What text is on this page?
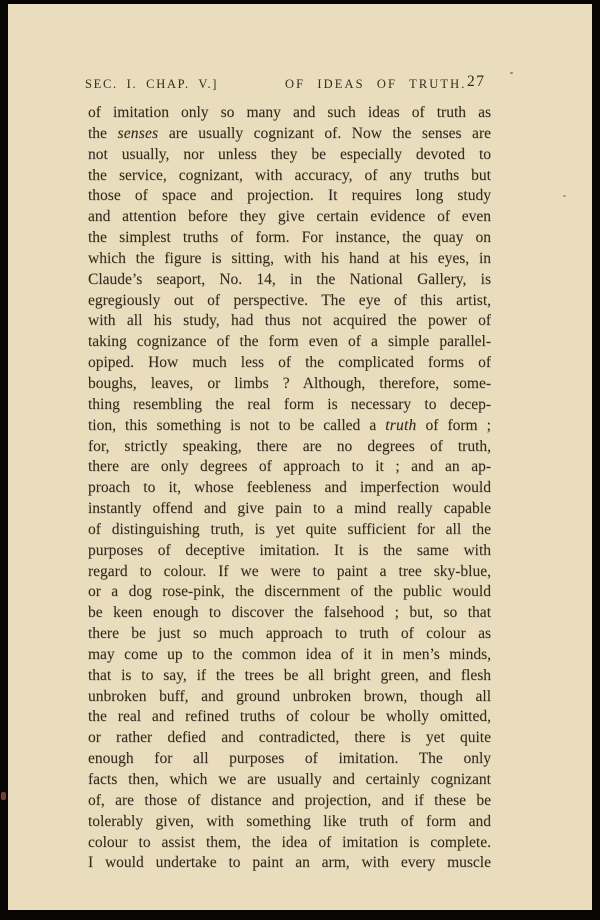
SEC. I. CHAP. V.]	OF IDEAS OF TRUTH. 27
of imitation only so many and such ideas of truth as
the senses are usually cognizant of. Now the senses are
not usually, nor unless they be especially devoted to
the service, cognizant, with accuracy, of any truths but
those of space and projection. It requires long study
and attention before they give certain evidence of even
the simplest truths of form. For instance, the quay on
which the figure is sitting, with his hand at his eyes, in
Claude’s seaport, No. 14, in the National Gallery, is
egregiously out of perspective. The eye of this artist,
with all his study, had thus not acquired the power of
taking cognizance of the form even of a simple parallel-
opiped. How much less of the complicated forms of
boughs, leaves, or limbs ? Although, therefore, some-
thing resembling the real form is necessary to decep-
tion, this something is not to be called a truth of form ;
for, strictly speaking, there are no degrees of truth,
there are only degrees of approach to it ; and an ap-
proach to it, whose feebleness and imperfection would
instantly offend and give pain to a mind really capable
of distinguishing truth, is yet quite sufficient for all the
purposes of deceptive imitation. It is the same with
regard to colour. If we were to paint a tree sky-blue,
or a dog rose-pink, the discernment of the public would
be keen enough to discover the falsehood ; but, so that
there be just so much approach to truth of colour as
may come up to the common idea of it in men’s minds,
that is to say, if the trees be all bright green, and flesh
unbroken buff, and ground unbroken brown, though all
the real and refined truths of colour be wholly omitted,
or rather defied and contradicted, there is yet quite
enough for all purposes of imitation. The only
facts then, which we are usually and certainly cognizant
of, are those of distance and projection, and if these be
tolerably given, with something like truth of form and
colour to assist them, the idea of imitation is complete.
I would undertake to paint an arm, with every muscle
